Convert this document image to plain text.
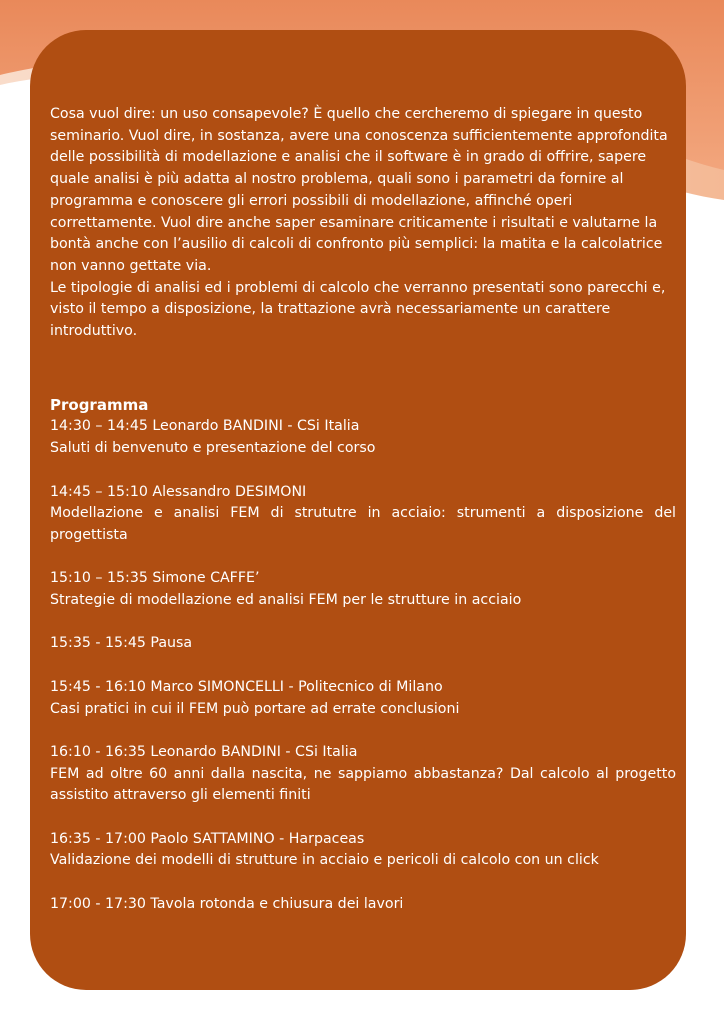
Cosa vuol dire: un uso consapevole? È quello che cercheremo di spiegare in questo seminario. Vuol dire, in sostanza, avere una conoscenza sufficientemente approfondita delle possibilità di modellazione e analisi che il software è in grado di offrire, sapere quale analisi è più adatta al nostro problema, quali sono i parametri da fornire al programma e conoscere gli errori possibili di modellazione, affinché operi correttamente. Vuol dire anche saper esaminare criticamente i risultati e valutarne la bontà anche con l’ausilio di calcoli di confronto più semplici: la matita e la calcolatrice non vanno gettate via.

Le tipologie di analisi ed i problemi di calcolo che verranno presentati sono parecchi e, visto il tempo a disposizione, la trattazione avrà necessariamente un carattere introduttivo.

Programma

14:30 – 14:45 Leonardo BANDINI - CSi Italia

Saluti di benvenuto e presentazione del corso

14:45 – 15:10 Alessandro DESIMONI

Modellazione e analisi FEM di strututre in acciaio: strumenti a disposizione del progettista

15:10 – 15:35 Simone CAFFE’

Strategie di modellazione ed analisi FEM per le strutture in acciaio

15:35 - 15:45 Pausa

15:45 - 16:10 Marco SIMONCELLI - Politecnico di Milano

Casi pratici in cui il FEM può portare ad errate conclusioni

16:10 - 16:35 Leonardo BANDINI - CSi Italia

FEM ad oltre 60 anni dalla nascita, ne sappiamo abbastanza? Dal calcolo al progetto assistito attraverso gli elementi finiti

16:35 - 17:00 Paolo SATTAMINO - Harpaceas

Validazione dei modelli di strutture in acciaio e pericoli di calcolo con un click

17:00 - 17:30 Tavola rotonda e chiusura dei lavori
